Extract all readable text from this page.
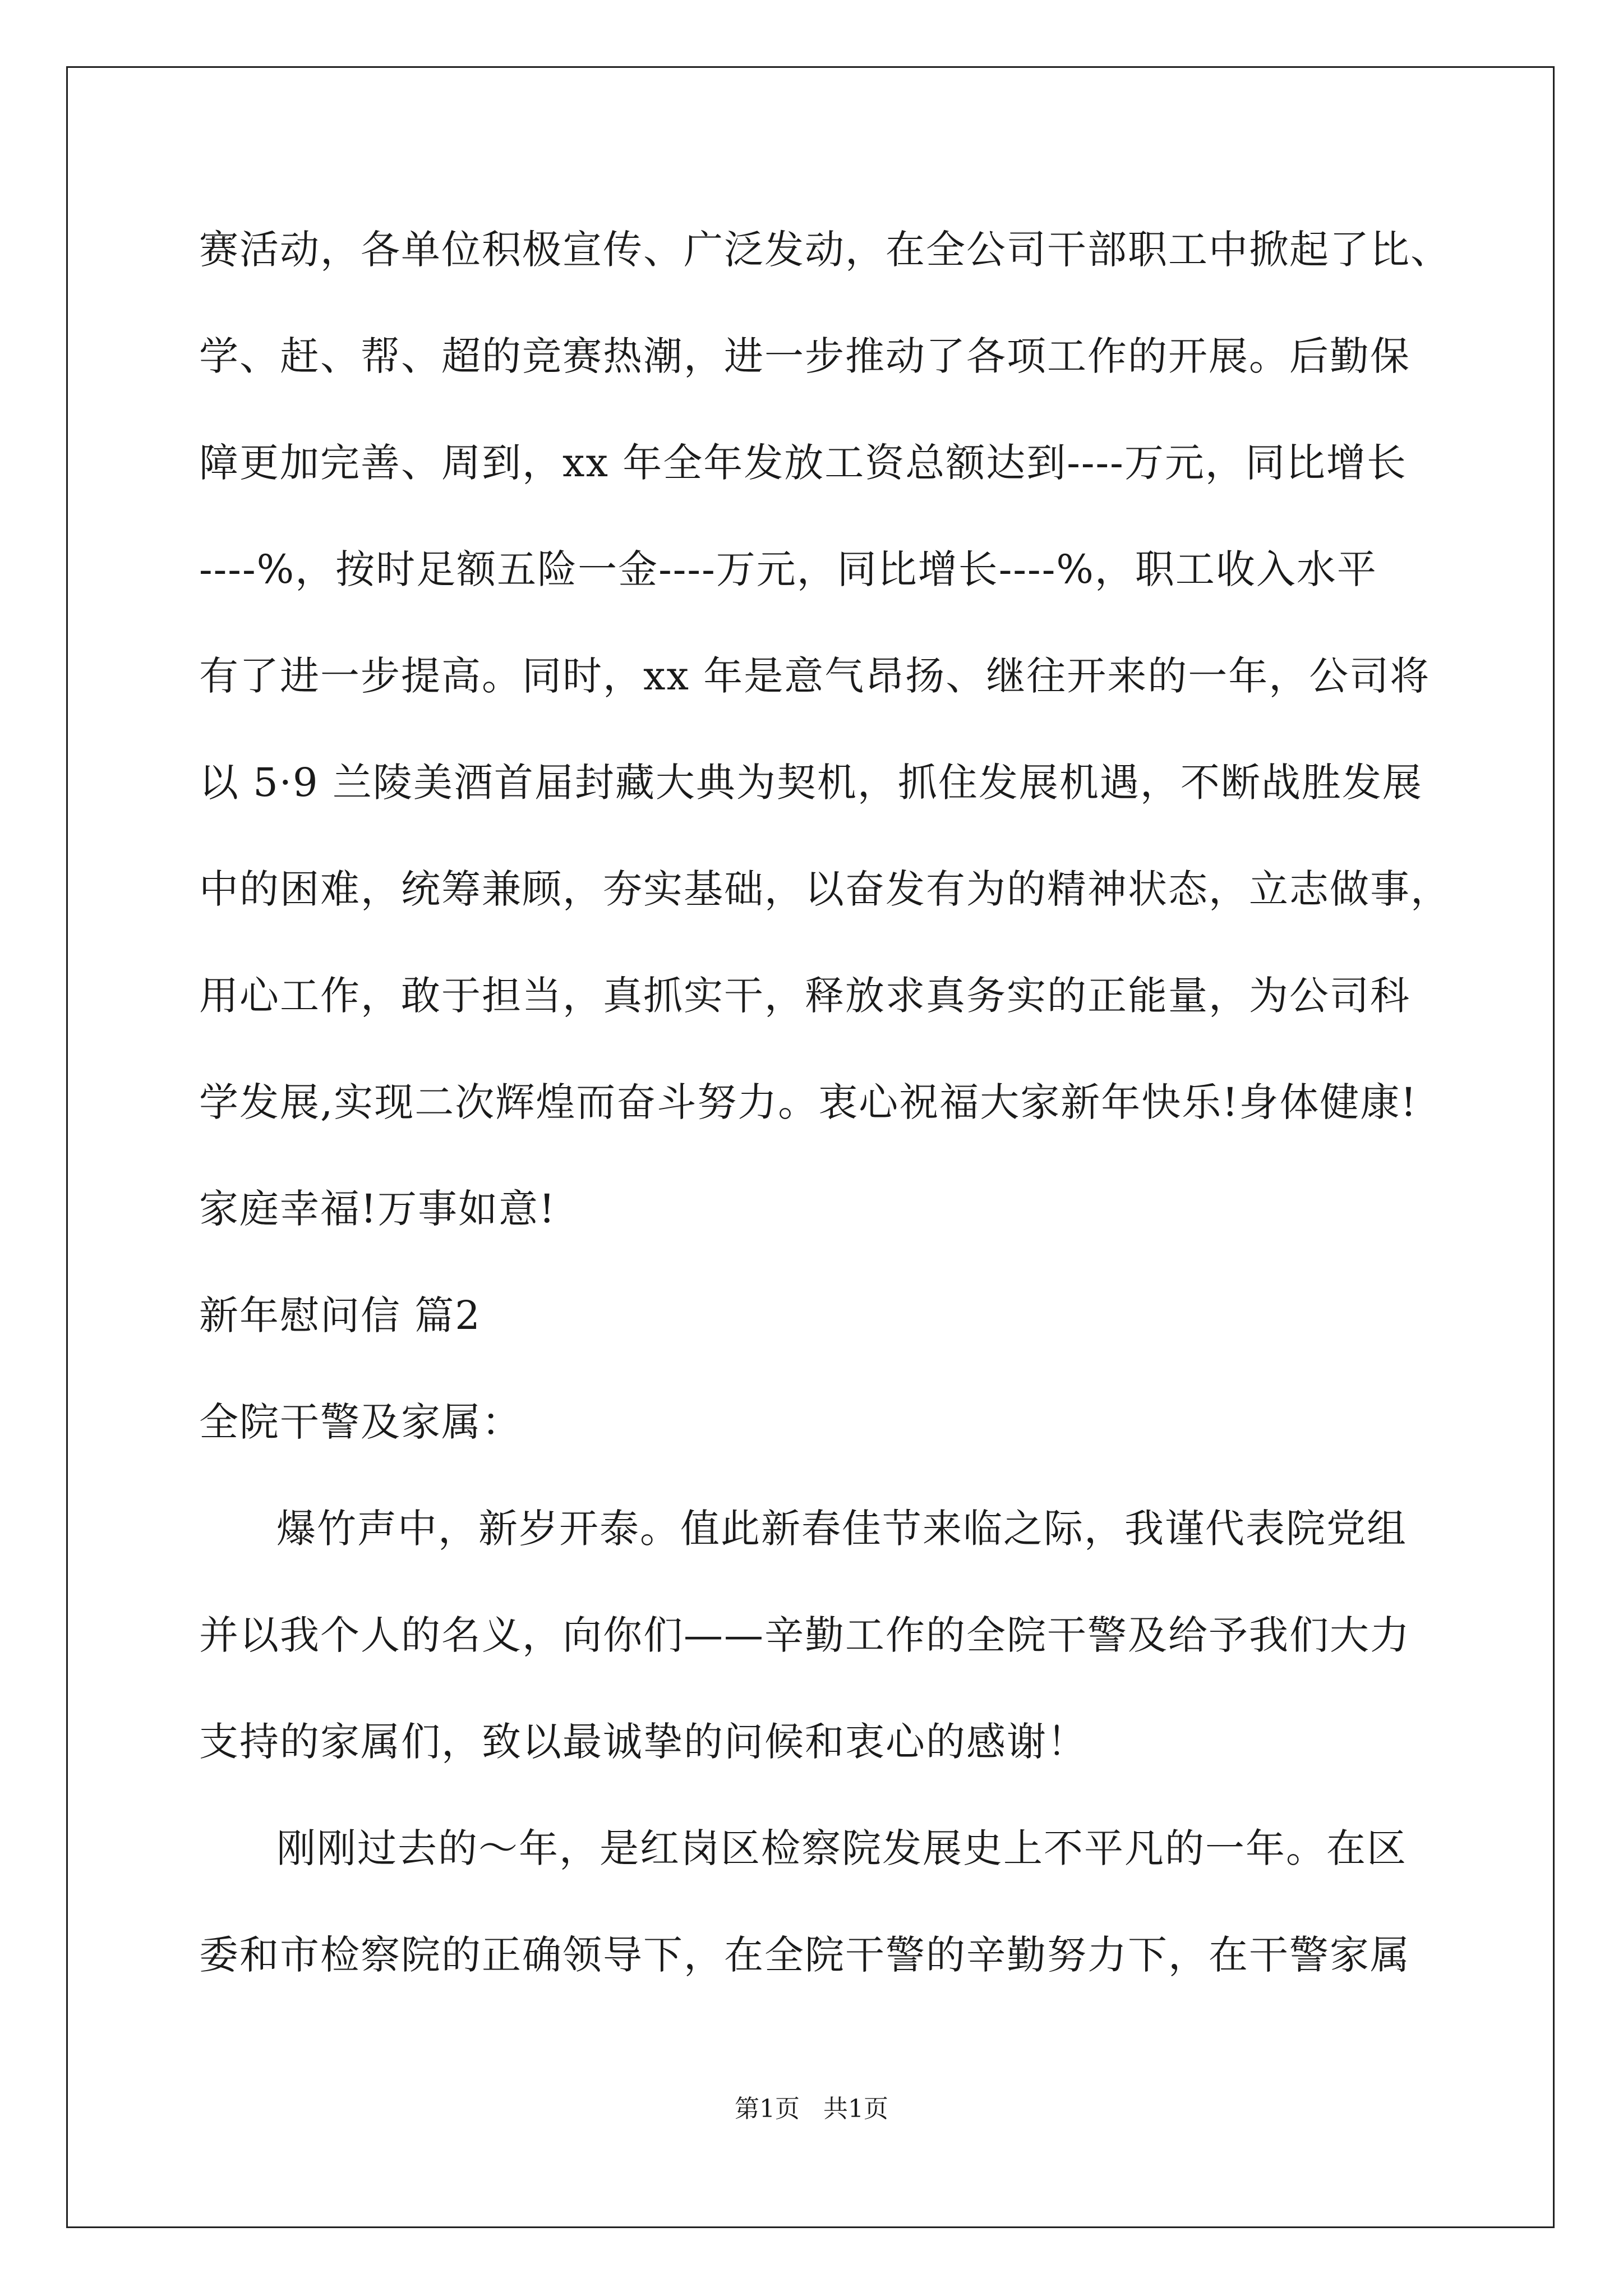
赛活动，各单位积极宣传、广泛发动，在全公司干部职工中掀起了比、
学、赶、帮、超的竞赛热潮，进一步推动了各项工作的开展。后勤保
障更加完善、周到，xx 年全年发放工资总额达到----万元，同比增长
----%，按时足额五险一金----万元，同比增长----%，职工收入水平
有了进一步提高。同时，xx 年是意气昂扬、继往开来的一年，公司将
以 5·9 兰陵美酒首届封藏大典为契机，抓住发展机遇，不断战胜发展
中的困难，统筹兼顾，夯实基础，以奋发有为的精神状态，立志做事，
用心工作，敢于担当，真抓实干，释放求真务实的正能量，为公司科
学发展,实现二次辉煌而奋斗努力。衷心祝福大家新年快乐!身体健康!
家庭幸福!万事如意!
新年慰问信 篇2
全院干警及家属：
爆竹声中，新岁开泰。值此新春佳节来临之际，我谨代表院党组
并以我个人的名义，向你们——辛勤工作的全院干警及给予我们大力
支持的家属们，致以最诚挚的问候和衷心的感谢！
刚刚过去的～年，是红岗区检察院发展史上不平凡的一年。在区
委和市检察院的正确领导下，在全院干警的辛勤努力下，在干警家属
第1页   共1页
